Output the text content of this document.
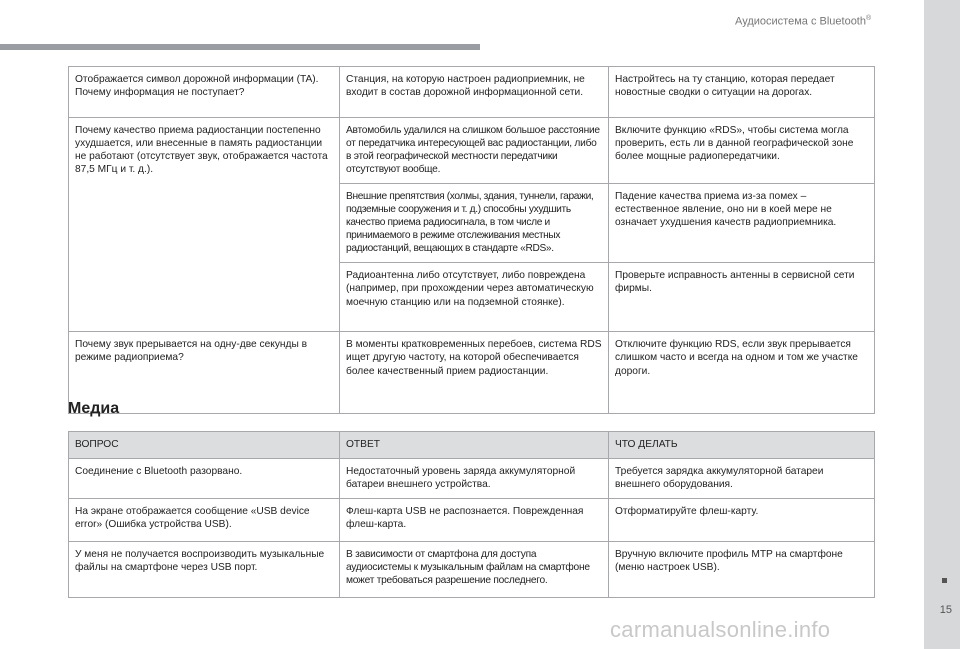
Аудиосистема с Bluetooth®
15
Отображается символ дорожной информации (TA). Почему информация не поступает?	Станция, на которую настроен радиоприемник, не входит в состав дорожной информационной сети.	Настройтесь на ту станцию, которая передает новостные сводки о ситуации на дорогах.
Почему качество приема радиостанции постепенно ухудшается, или внесенные в память радиостанции не работают (отсутствует звук, отображается частота 87,5 МГц и т. д.).	Автомобиль удалился на слишком большое расстояние от передатчика интересующей вас радиостанции, либо в этой географической местности передатчики отсутствуют вообще.	Включите функцию «RDS», чтобы система могла проверить, есть ли в данной географической зоне более мощные радиопередатчики.
	Внешние препятствия (холмы, здания, туннели, гаражи, подземные сооружения и т. д.) способны ухудшить качество приема радиосигнала, в том числе и принимаемого в режиме отслеживания местных радиостанций, вещающих в стандарте «RDS».	Падение качества приема из-за помех – естественное явление, оно ни в коей мере не означает ухудшения качеств радиоприемника.
	Радиоантенна либо отсутствует, либо повреждена (например, при прохождении через автоматическую моечную станцию или на подземной стоянке).	Проверьте исправность антенны в сервисной сети фирмы.
Почему звук прерывается на одну-две секунды в режиме радиоприема?	В моменты кратковременных перебоев, система RDS ищет другую частоту, на которой обеспечивается более качественный прием радиостанции.	Отключите функцию RDS, если звук прерывается слишком часто и всегда на одном и том же участке дороги.
Медиа
ВОПРОС	ОТВЕТ	ЧТО ДЕЛАТЬ
Соединение с Bluetooth разорвано.	Недостаточный уровень заряда аккумуляторной батареи внешнего устройства.	Требуется зарядка аккумуляторной батареи внешнего оборудования.
На экране отображается сообщение «USB device error» (Ошибка устройства USB).	Флеш-карта USB не распознается. Поврежденная флеш-карта.	Отформатируйте флеш-карту.
У меня не получается воспроизводить музыкальные файлы на смартфоне через USB порт.	В зависимости от смартфона для доступа аудиосистемы к музыкальным файлам на смартфоне может требоваться разрешение последнего.	Вручную включите профиль MTP на смартфоне (меню настроек USB).
carmanualsonline.info
